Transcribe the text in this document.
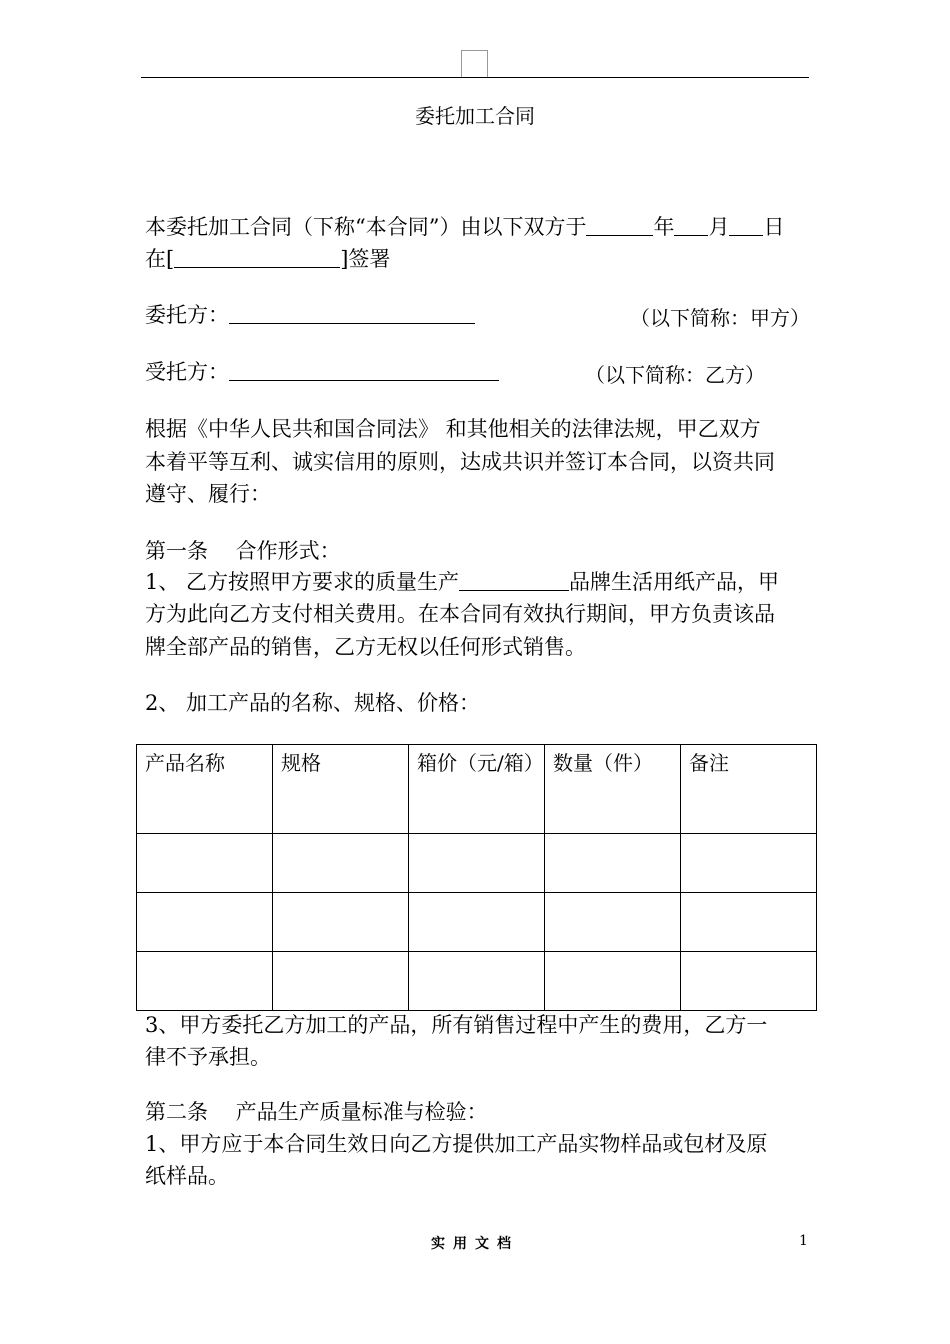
委托加工合同
本委托加工合同（下称“本合同”）由以下双方于	年 月 日
在[	]签署
委托方：	（以下简称：甲方）
受托方：	（以下简称：乙方）
根据《中华人民共和国合同法》 和其他相关的法律法规，甲乙双方
本着平等互利、诚实信用的原则，达成共识并签订本合同，以资共同
遵守、履行：
第一条　 合作形式：
1、 乙方按照甲方要求的质量生产	品牌生活用纸产品，甲
方为此向乙方支付相关费用。在本合同有效执行期间，甲方负责该品
牌全部产品的销售，乙方无权以任何形式销售。
2、 加工产品的名称、规格、价格：
产品名称	规格	箱价（元/箱）	数量（件）	备注

3、甲方委托乙方加工的产品，所有销售过程中产生的费用，乙方一
律不予承担。
第二条　 产品生产质量标准与检验：
1、甲方应于本合同生效日向乙方提供加工产品实物样品或包材及原
纸样品。
实用文档	1
